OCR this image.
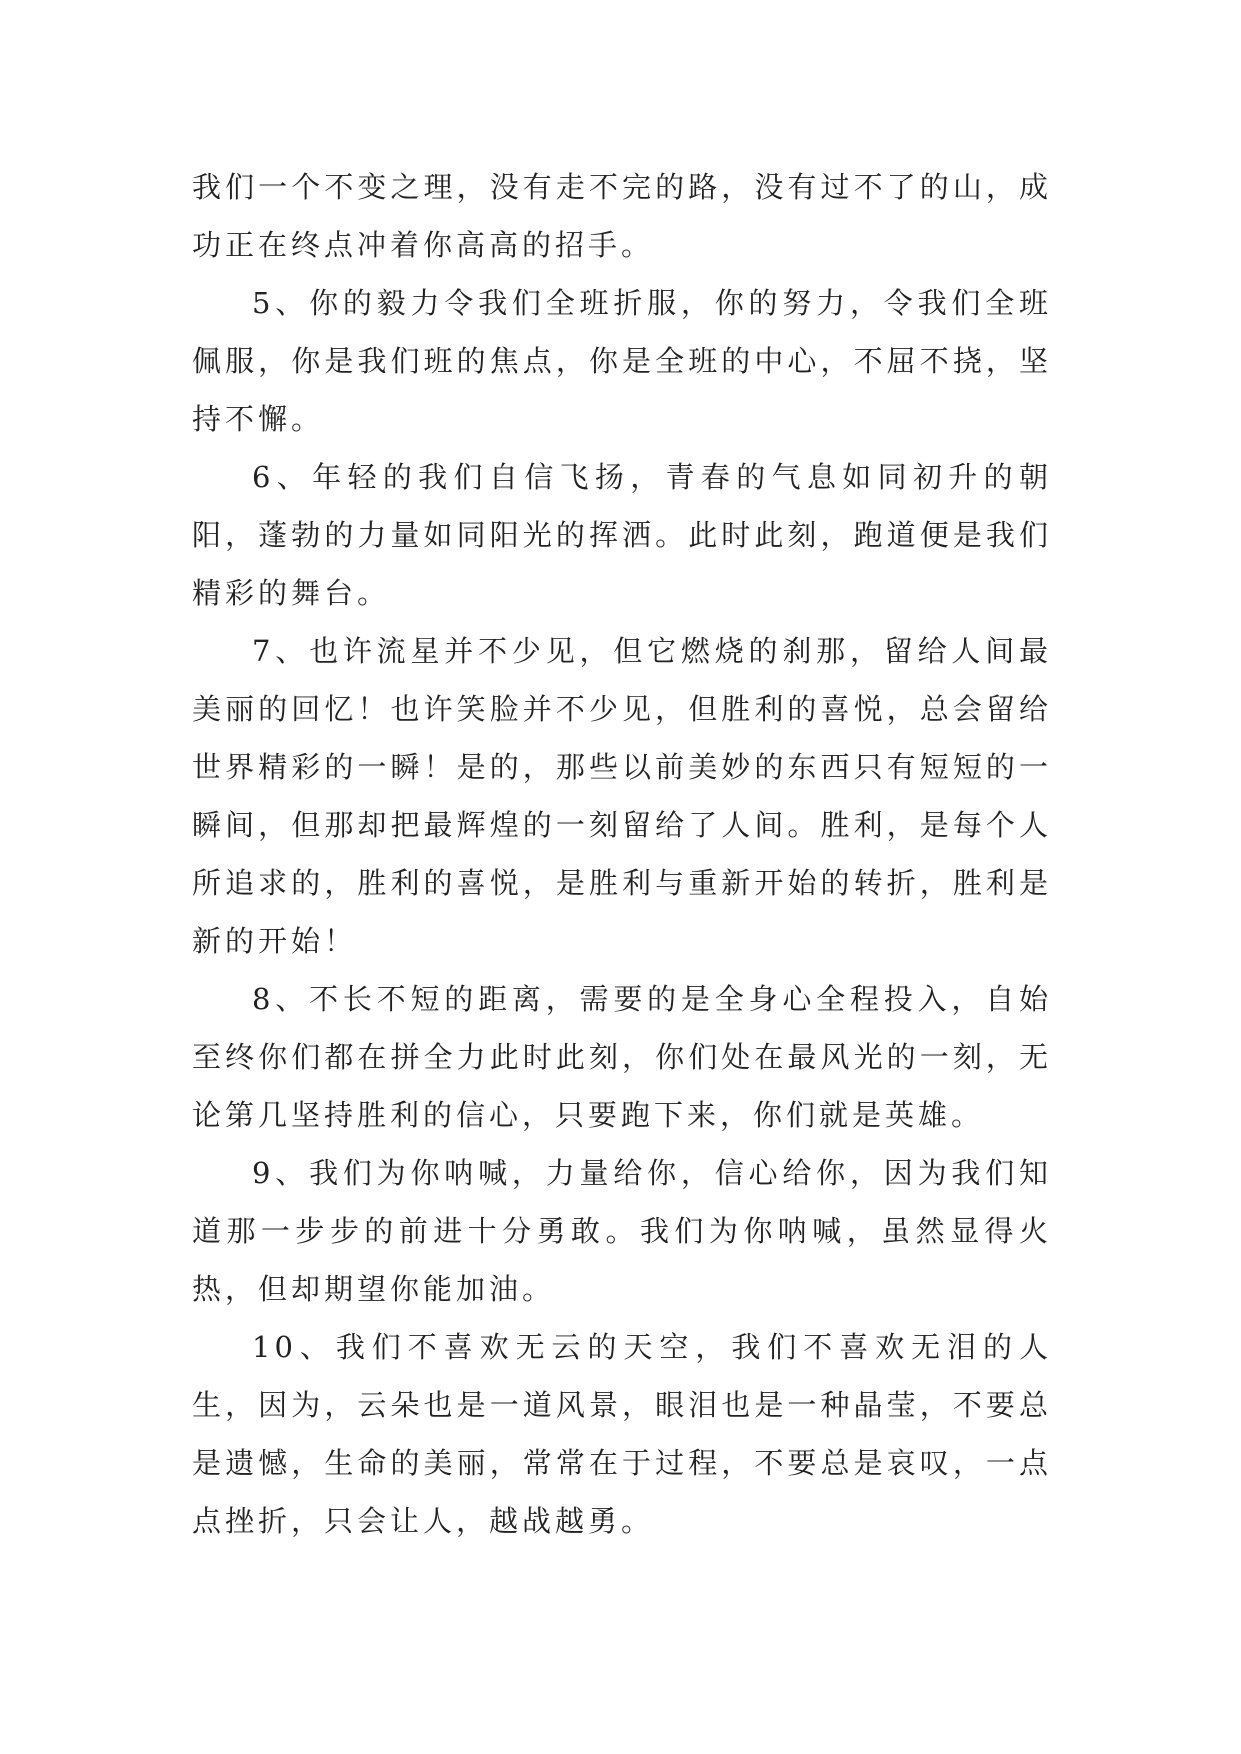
我们一个不变之理，没有走不完的路，没有过不了的山，成功正在终点冲着你高高的招手。

5、你的毅力令我们全班折服，你的努力，令我们全班佩服，你是我们班的焦点，你是全班的中心，不屈不挠，坚持不懈。

6、年轻的我们自信飞扬，青春的气息如同初升的朝阳，蓬勃的力量如同阳光的挥洒。此时此刻，跑道便是我们精彩的舞台。

7、也许流星并不少见，但它燃烧的刹那，留给人间最美丽的回忆！也许笑脸并不少见，但胜利的喜悦，总会留给世界精彩的一瞬！是的，那些以前美妙的东西只有短短的一瞬间，但那却把最辉煌的一刻留给了人间。胜利，是每个人所追求的，胜利的喜悦，是胜利与重新开始的转折，胜利是新的开始！

8、不长不短的距离，需要的是全身心全程投入，自始至终你们都在拼全力此时此刻，你们处在最风光的一刻，无论第几坚持胜利的信心，只要跑下来，你们就是英雄。

9、我们为你呐喊，力量给你，信心给你，因为我们知道那一步步的前进十分勇敢。我们为你呐喊，虽然显得火热，但却期望你能加油。

10、我们不喜欢无云的天空，我们不喜欢无泪的人生，因为，云朵也是一道风景，眼泪也是一种晶莹，不要总是遗憾，生命的美丽，常常在于过程，不要总是哀叹，一点点挫折，只会让人，越战越勇。
